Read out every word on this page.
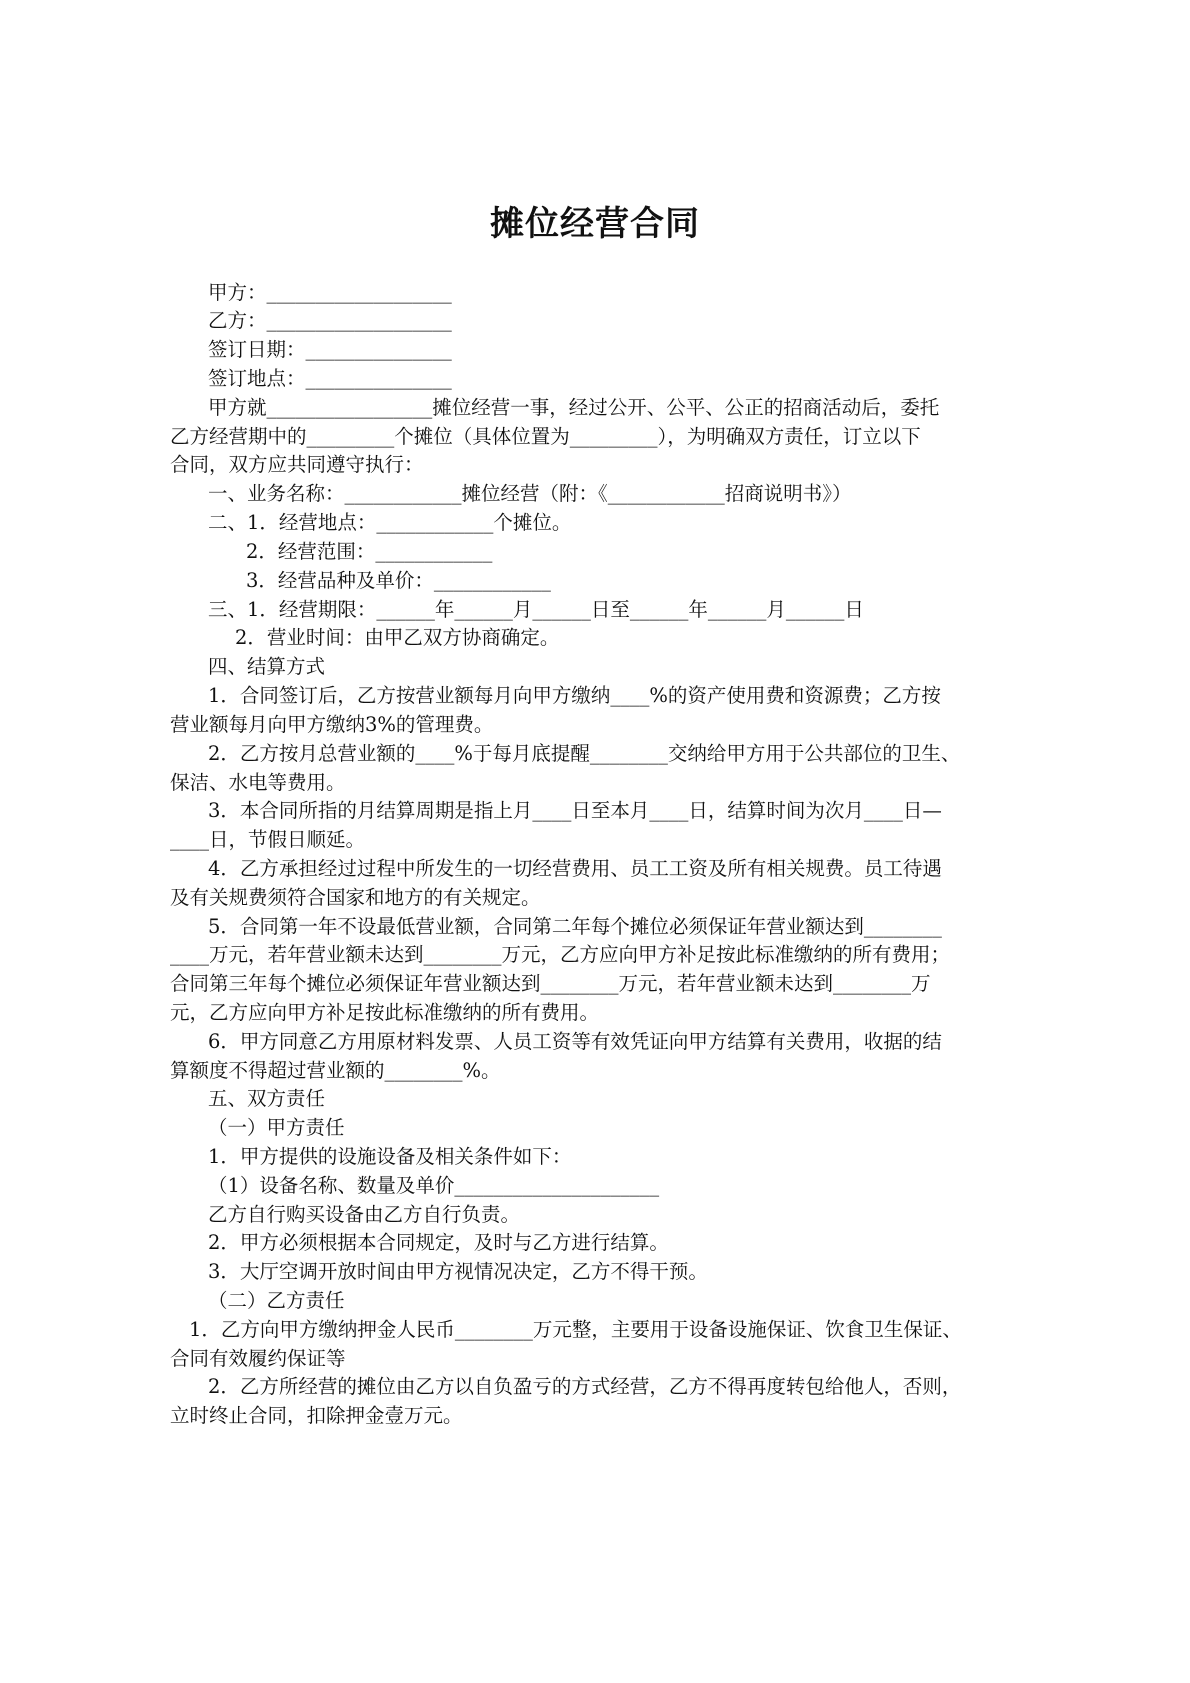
摊位经营合同
甲方：___________________
乙方：___________________
签订日期：_______________
签订地点：_______________
甲方就_________________摊位经营一事，经过公开、公平、公正的招商活动后，委托
乙方经营期中的_________个摊位（具体位置为_________），为明确双方责任，订立以下
合同，双方应共同遵守执行：
一、业务名称：____________摊位经营（附：《____________招商说明书》）
二、1．经营地点：____________个摊位。
2．经营范围：____________
3．经营品种及单价：____________
三、1．经营期限：______年______月______日至______年______月______日
2．营业时间：由甲乙双方协商确定。
四、结算方式
1．合同签订后，乙方按营业额每月向甲方缴纳____%的资产使用费和资源费；乙方按
营业额每月向甲方缴纳3%的管理费。
2．乙方按月总营业额的____%于每月底提醒________交纳给甲方用于公共部位的卫生、
保洁、水电等费用。
3．本合同所指的月结算周期是指上月____日至本月____日，结算时间为次月____日—
____日，节假日顺延。
4．乙方承担经过过程中所发生的一切经营费用、员工工资及所有相关规费。员工待遇
及有关规费须符合国家和地方的有关规定。
5．合同第一年不设最低营业额，合同第二年每个摊位必须保证年营业额达到________
____万元，若年营业额未达到________万元，乙方应向甲方补足按此标准缴纳的所有费用；
合同第三年每个摊位必须保证年营业额达到________万元，若年营业额未达到________万
元，乙方应向甲方补足按此标准缴纳的所有费用。
6．甲方同意乙方用原材料发票、人员工资等有效凭证向甲方结算有关费用，收据的结
算额度不得超过营业额的________%。
五、双方责任
（一）甲方责任
1．甲方提供的设施设备及相关条件如下：
（1）设备名称、数量及单价_____________________
乙方自行购买设备由乙方自行负责。
2．甲方必须根据本合同规定，及时与乙方进行结算。
3．大厅空调开放时间由甲方视情况决定，乙方不得干预。
（二）乙方责任
1．乙方向甲方缴纳押金人民币________万元整，主要用于设备设施保证、饮食卫生保证、
合同有效履约保证等
2．乙方所经营的摊位由乙方以自负盈亏的方式经营，乙方不得再度转包给他人，否则，
立时终止合同，扣除押金壹万元。
